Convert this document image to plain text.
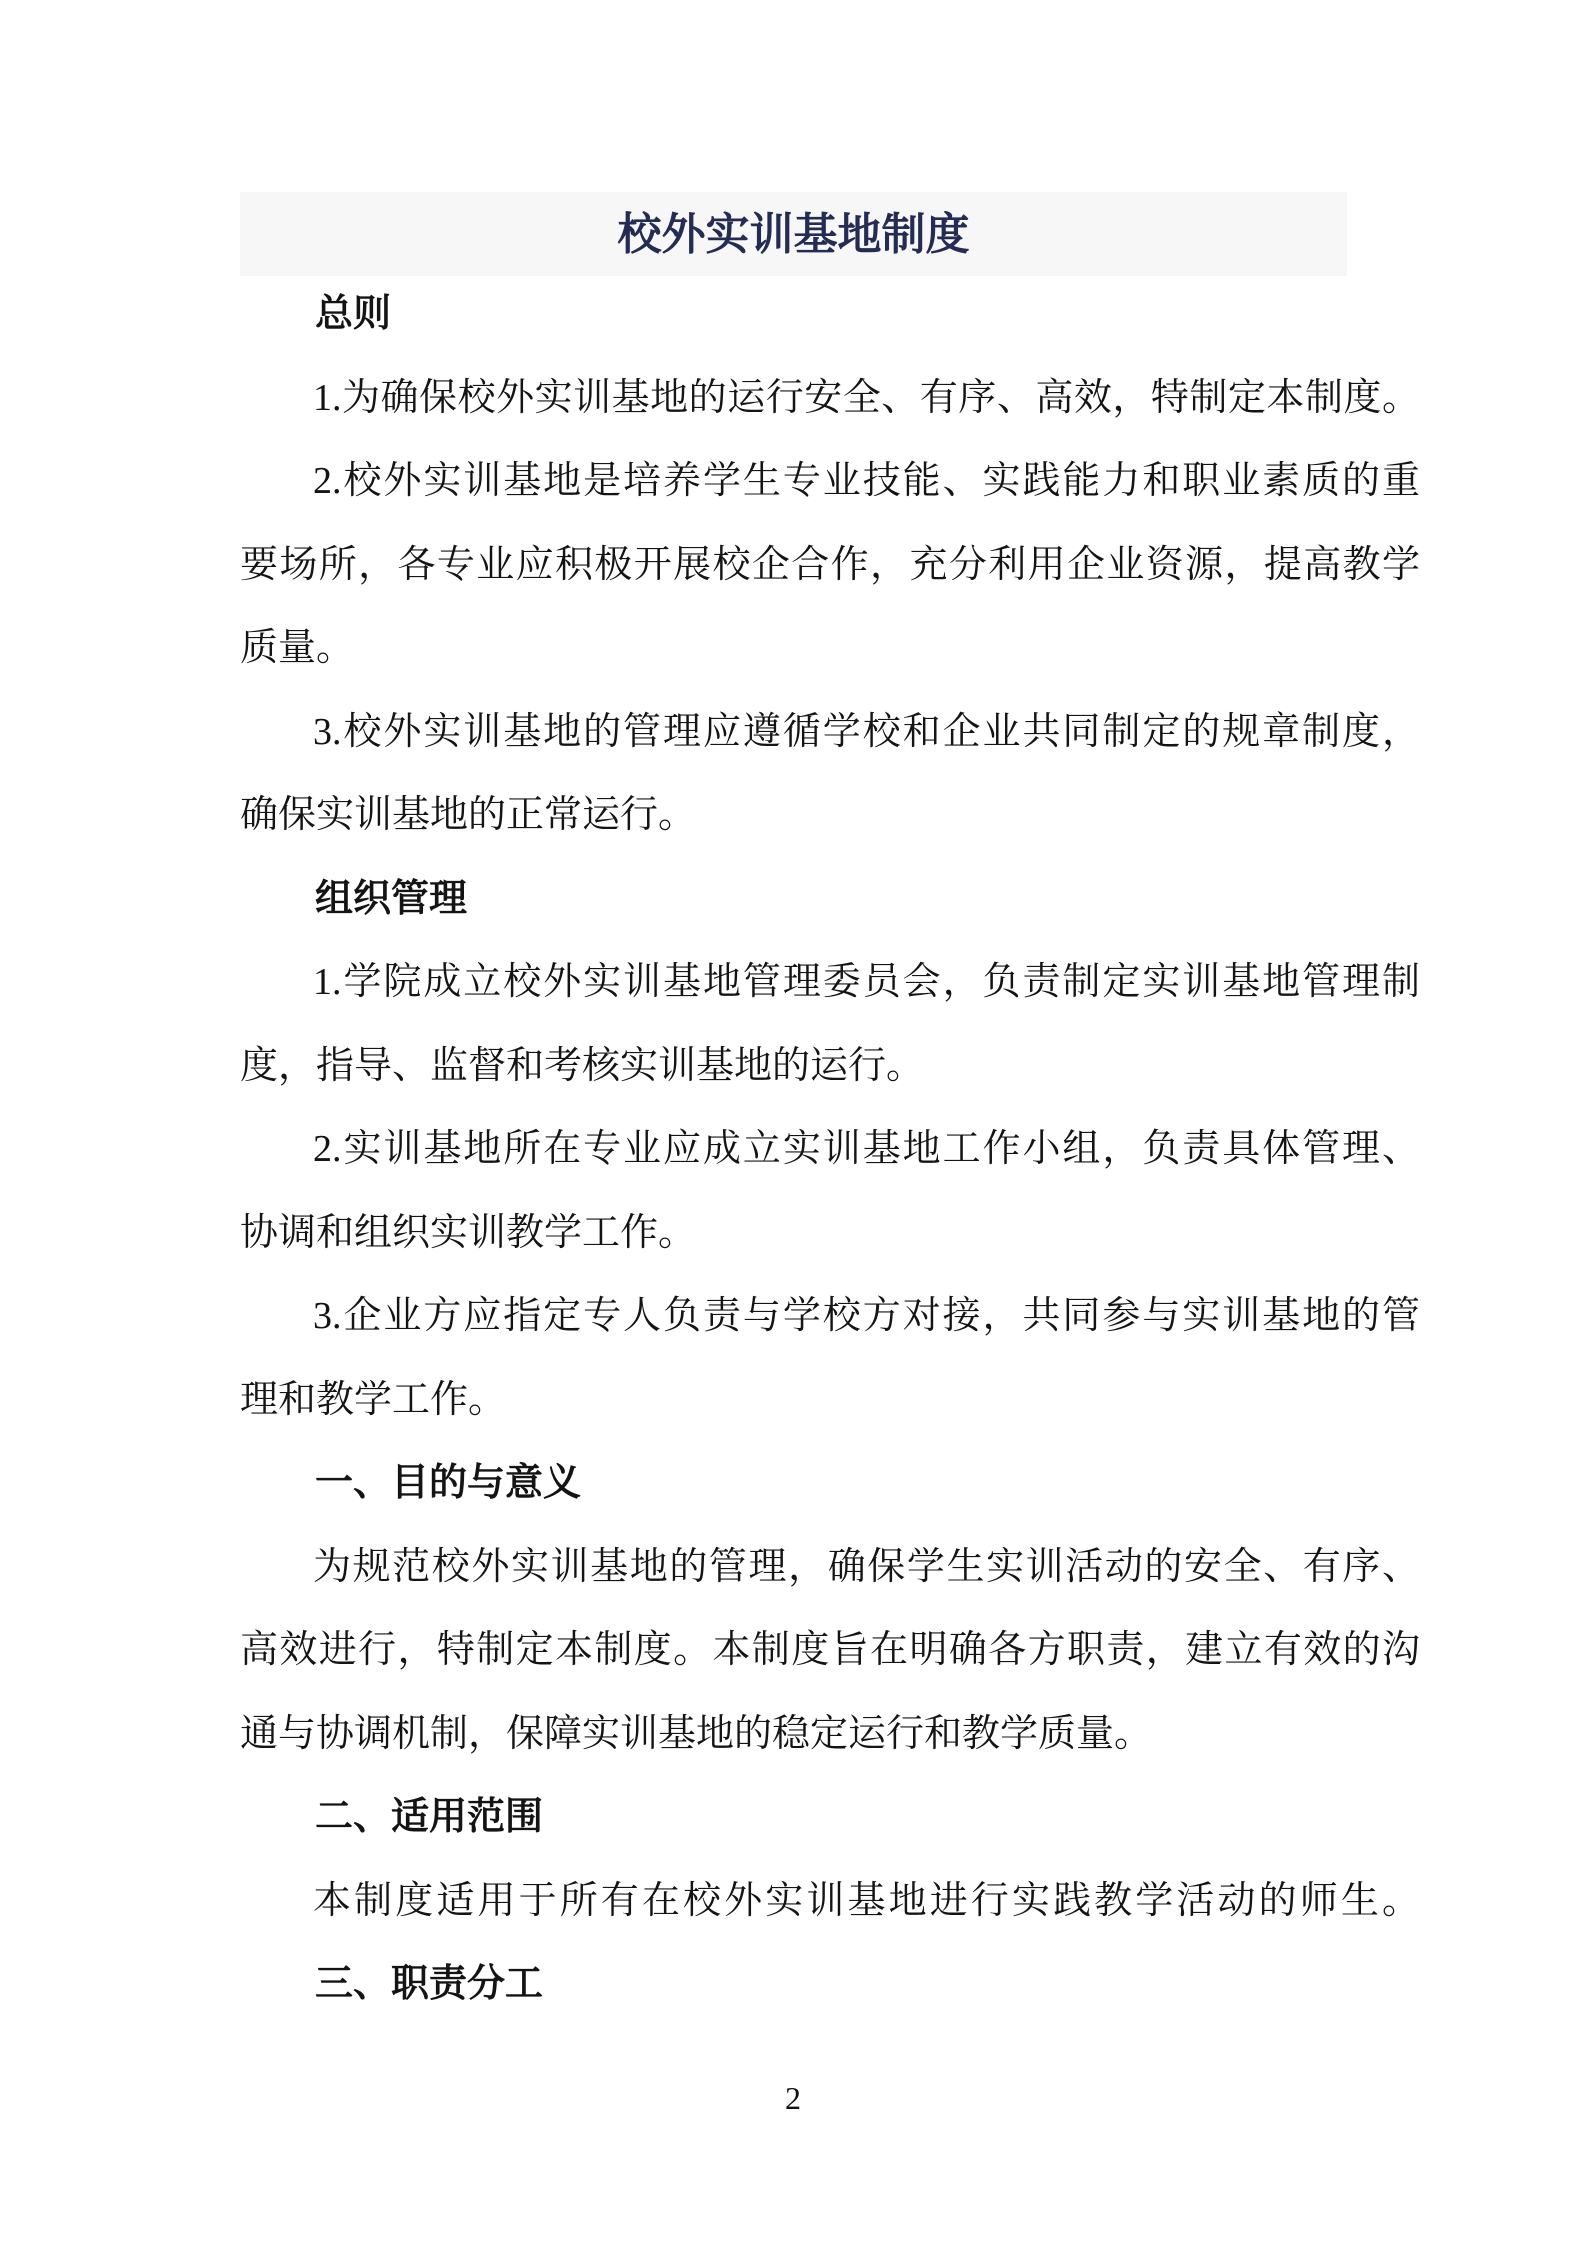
校外实训基地制度
总则
1.为确保校外实训基地的运行安全、有序、高效，特制定本制度。
2.校外实训基地是培养学生专业技能、实践能力和职业素质的重
要场所，各专业应积极开展校企合作，充分利用企业资源，提高教学
质量。
3.校外实训基地的管理应遵循学校和企业共同制定的规章制度，
确保实训基地的正常运行。
组织管理
1.学院成立校外实训基地管理委员会，负责制定实训基地管理制
度，指导、监督和考核实训基地的运行。
2.实训基地所在专业应成立实训基地工作小组，负责具体管理、
协调和组织实训教学工作。
3.企业方应指定专人负责与学校方对接，共同参与实训基地的管
理和教学工作。
一、目的与意义
为规范校外实训基地的管理，确保学生实训活动的安全、有序、
高效进行，特制定本制度。本制度旨在明确各方职责，建立有效的沟
通与协调机制，保障实训基地的稳定运行和教学质量。
二、适用范围
本制度适用于所有在校外实训基地进行实践教学活动的师生。
三、职责分工
2
